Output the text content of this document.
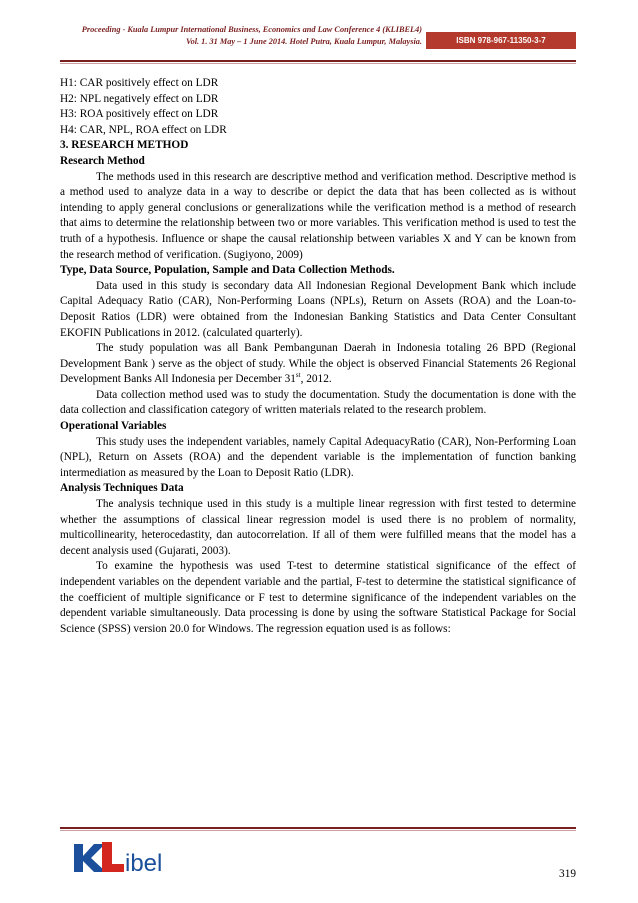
Proceeding - Kuala Lumpur International Business, Economics and Law Conference 4 (KLIBEL4)
Vol. 1. 31 May – 1 June 2014. Hotel Putra, Kuala Lumpur, Malaysia.	ISBN 978-967-11350-3-7

H1: CAR positively effect on LDR

H2: NPL negatively effect on LDR

H3: ROA positively effect on LDR

H4: CAR, NPL, ROA effect on LDR

3. RESEARCH METHOD

Research Method

The methods used in this research are descriptive method and verification method. Descriptive method is a method used to analyze data in a way to describe or depict the data that has been collected as is without intending to apply general conclusions or generalizations while the verification method is a method of research that aims to determine the relationship between two or more variables. This verification method is used to test the truth of a hypothesis. Influence or shape the causal relationship between variables X and Y can be known from the research method of verification. (Sugiyono, 2009)

Type, Data Source, Population, Sample and Data Collection Methods.

Data used in this study is secondary data All Indonesian Regional Development Bank which include Capital Adequacy Ratio (CAR), Non-Performing Loans (NPLs), Return on Assets (ROA) and the Loan-to-Deposit Ratios (LDR) were obtained from the Indonesian Banking Statistics and Data Center Consultant EKOFIN Publications in 2012. (calculated quarterly).

The study population was all Bank Pembangunan Daerah in Indonesia totaling 26 BPD (Regional Development Bank ) serve as the object of study. While the object is observed Financial Statements 26 Regional Development Banks All Indonesia per December 31st, 2012.

Data collection method used was to study the documentation. Study the documentation is done with the data collection and classification category of written materials related to the research problem.

Operational Variables

This study uses the independent variables, namely Capital AdequacyRatio (CAR), Non-Performing Loan (NPL), Return on Assets (ROA) and the dependent variable is the implementation of function banking intermediation as measured by the Loan to Deposit Ratio (LDR).

Analysis Techniques Data

The analysis technique used in this study is a multiple linear regression with first tested to determine whether the assumptions of classical linear regression model is used there is no problem of normality, multicollinearity, heterocedastity, dan autocorrelation. If all of them were fulfilled means that the model has a decent analysis used (Gujarati, 2003).

To examine the hypothesis was used T-test to determine statistical significance of the effect of independent variables on the dependent variable and the partial, F-test to determine the statistical significance of the coefficient of multiple significance or F test to determine significance of the independent variables on the dependent variable simultaneously. Data processing is done by using the software Statistical Package for Social Science (SPSS) version 20.0 for Windows. The regression equation used is as follows:

ibel	319
